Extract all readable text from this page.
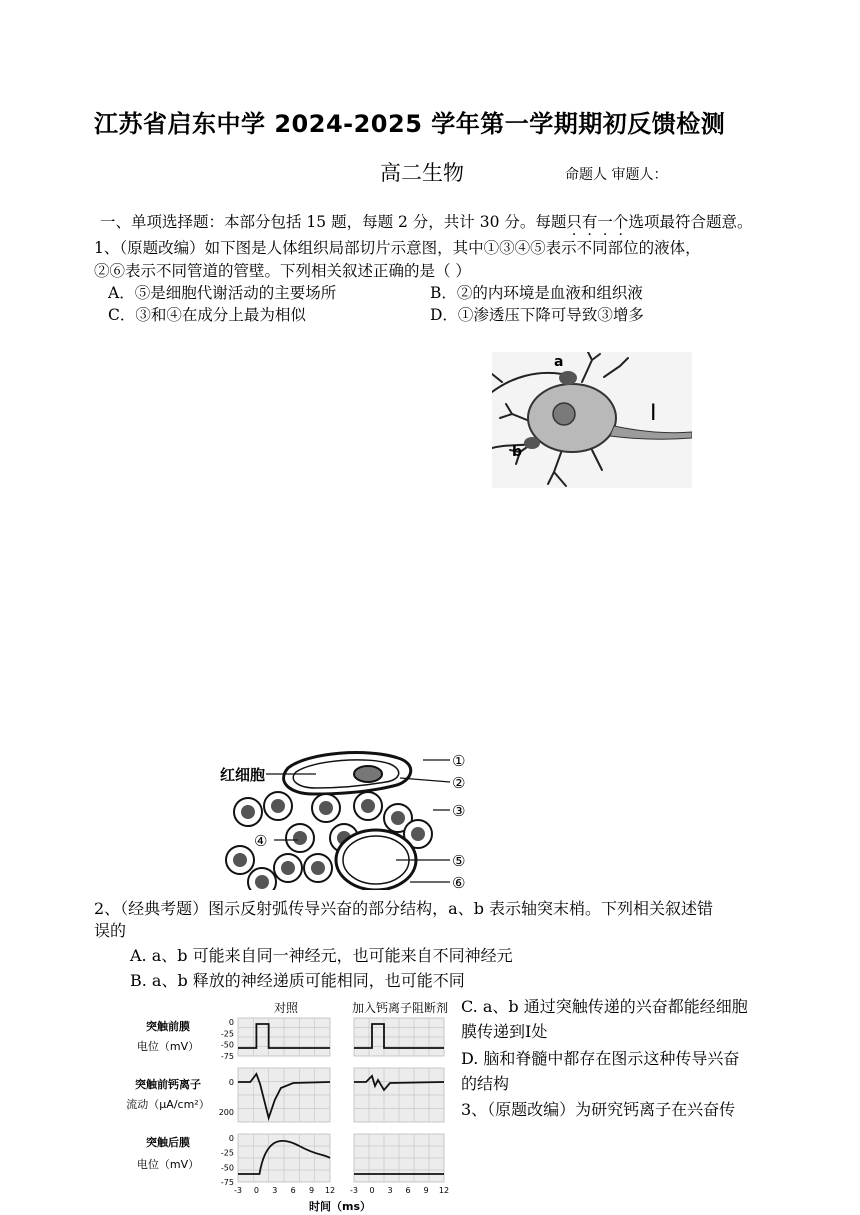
江苏省启东中学 2024-2025 学年第一学期期初反馈检测
高二生物	命题人 审题人：
一、单项选择题：本部分包括 15 题，每题 2 分，共计 30 分。每题只有一个选项最符合题意。
1、（原题改编）如下图是人体组织局部切片示意图，其中①③④⑤表示不同部位的液体，
②⑥表示不同管道的管壁。下列相关叙述正确的是（ ）
A．⑤是细胞代谢活动的主要场所	B．②的内环境是血液和组织液
C．③和④在成分上最为相似	D．①渗透压下降可导致③增多
a
b
I
红细胞
①
②
③
④
⑤
⑥
2、（经典考题）图示反射弧传导兴奋的部分结构，a、b 表示轴突末梢。下列相关叙述错
误的
A. a、b 可能来自同一神经元，也可能来自不同神经元
B. a、b 释放的神经递质可能相同，也可能不同
C. a、b 通过突触传递的兴奋都能经细胞
膜传递到Ⅰ处
D. 脑和脊髓中都存在图示这种传导兴奋
的结构
3、（原题改编）为研究钙离子在兴奋传
对照	加入钙离子阻断剂
突触前膜
电位（mV）
0
-25
-50
-75
突触前钙离子
流动（μA/cm²）
0
200
突触后膜
电位（mV）
0
-25
-50
-75
-3 0 3 6 9 12 -3 0 3 6 9 12
时间（ms）
